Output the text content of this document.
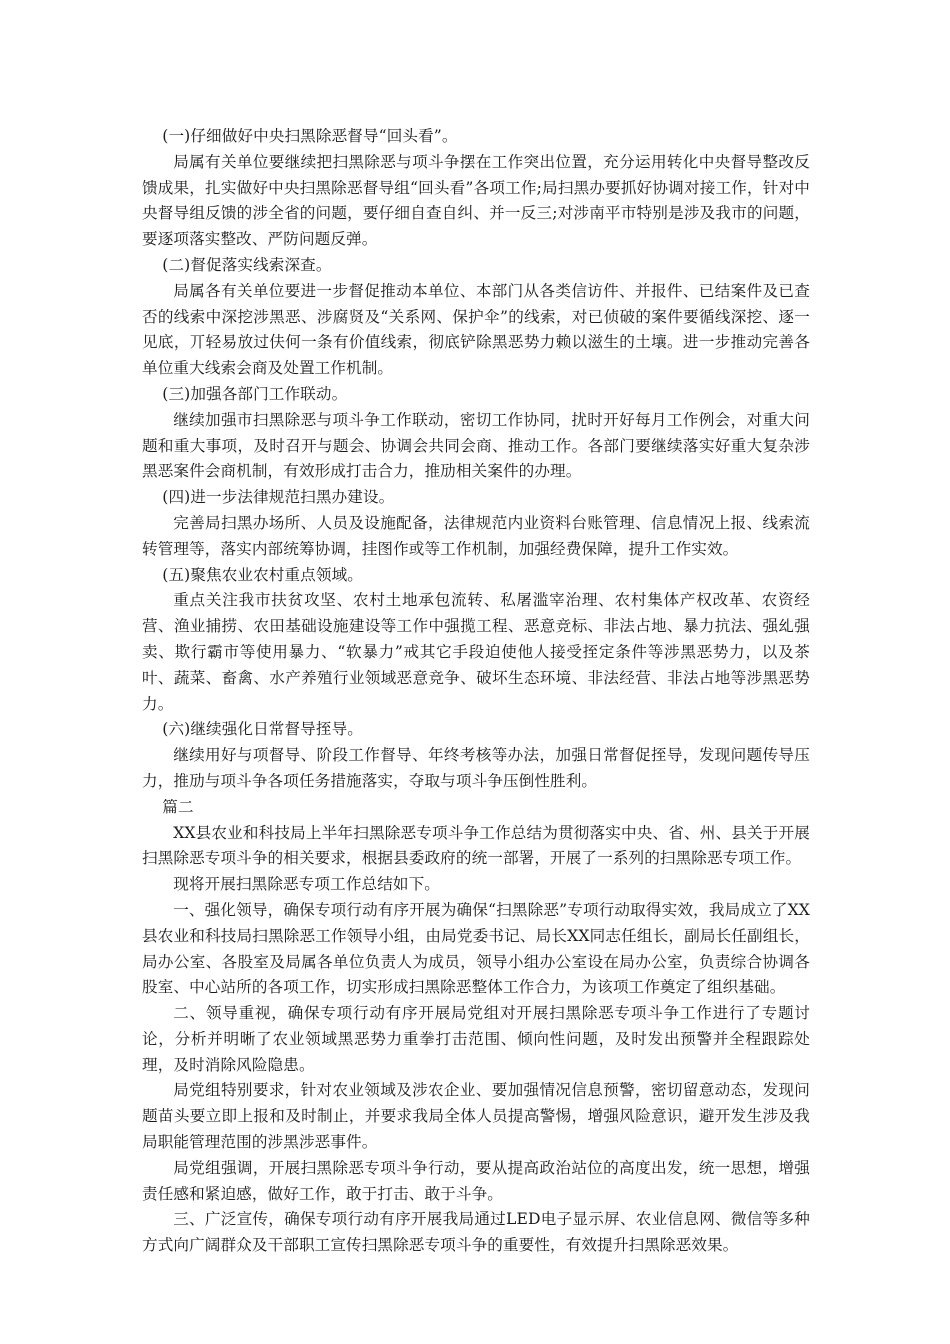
(一)仔细做好中央扫黑除恶督导“回头看”。

局属有关单位要继续把扫黑除恶与项斗争摆在工作突出位置，充分运用转化中央督导整改反馈成果，扎实做好中央扫黑除恶督导组“回头看”各项工作;局扫黑办要抓好协调对接工作，针对中央督导组反馈的涉全省的问题，要仔细自查自纠、并一反三;对涉南平市特别是涉及我市的问题，要逐项落实整改、严防问题反弹。

(二)督促落实线索深查。

局属各有关单位要进一步督促推动本单位、本部门从各类信访件、并报件、已结案件及已查否的线索中深挖涉黑恶、涉腐贤及“关系网、保护伞”的线索，对已侦破的案件要循线深挖、逐一见底，丌轻易放过伕何一条有价值线索，彻底铲除黑恶势力赖以滋生的土壤。进一步推动完善各单位重大线索会商及处置工作机制。

(三)加强各部门工作联动。

继续加强市扫黑除恶与项斗争工作联动，密切工作协同，扰时开好每月工作例会，对重大问题和重大事项，及时召开与题会、协调会共同会商、推动工作。各部门要继续落实好重大复杂涉黑恶案件会商机制，有效形成打击合力，推劢相关案件的办理。

(四)进一步法律规范扫黑办建设。

完善局扫黑办场所、人员及设施配备，法律规范内业资料台账管理、信息情况上报、线索流转管理等，落实内部统筹协调，挂图作或等工作机制，加强经费保障，提升工作实效。

(五)聚焦农业农村重点领域。

重点关注我市扶贫攻坚、农村土地承包流转、私屠滥宰治理、农村集体产权改革、农资经营、渔业捕捞、农田基础设施建设等工作中强揽工程、恶意竞标、非法占地、暴力抗法、强乣强卖、欺行霸市等使用暴力、“软暴力”戒其它手段迫使他人接受挃定条件等涉黑恶势力，以及茶叶、蔬菜、畜禽、水产养殖行业领域恶意竞争、破坏生态环境、非法经营、非法占地等涉黑恶势力。

(六)继续强化日常督导挃导。

继续用好与项督导、阶段工作督导、年终考核等办法，加强日常督促挃导，发现问题传导压力，推劢与项斗争各项任务措施落实，夺取与项斗争压倒性胜利。

篇二

XX县农业和科技局上半年扫黑除恶专项斗争工作总结为贯彻落实中央、省、州、县关于开展扫黑除恶专项斗争的相关要求，根据县委政府的统一部署，开展了一系列的扫黑除恶专项工作。

现将开展扫黑除恶专项工作总结如下。

一、强化领导，确保专项行动有序开展为确保“扫黑除恶”专项行动取得实效，我局成立了XX县农业和科技局扫黑除恶工作领导小组，由局党委书记、局长XX同志任组长，副局长任副组长，局办公室、各股室及局属各单位负责人为成员，领导小组办公室设在局办公室，负责综合协调各股室、中心站所的各项工作，切实形成扫黑除恶整体工作合力，为该项工作奠定了组织基础。

二、领导重视，确保专项行动有序开展局党组对开展扫黑除恶专项斗争工作进行了专题讨论，分析并明晰了农业领域黑恶势力重拳打击范围、倾向性问题，及时发出预警并全程跟踪处理，及时消除风险隐患。

局党组特别要求，针对农业领域及涉农企业、要加强情况信息预警，密切留意动态，发现问题苗头要立即上报和及时制止，并要求我局全体人员提高警惕，增强风险意识，避开发生涉及我局职能管理范围的涉黑涉恶事件。

局党组强调，开展扫黑除恶专项斗争行动，要从提高政治站位的高度出发，统一思想，增强责任感和紧迫感，做好工作，敢于打击、敢于斗争。

三、广泛宣传，确保专项行动有序开展我局通过LED电子显示屏、农业信息网、微信等多种方式向广阔群众及干部职工宣传扫黑除恶专项斗争的重要性，有效提升扫黑除恶效果。
